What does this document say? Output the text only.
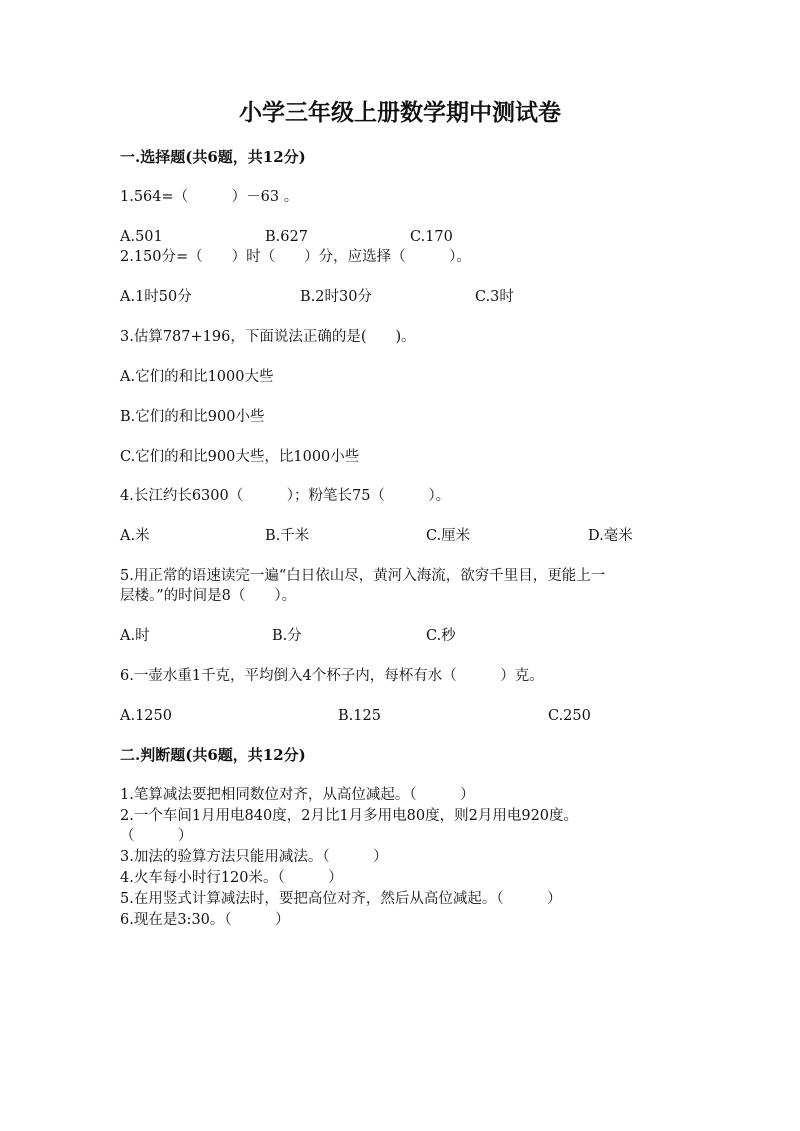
小学三年级上册数学期中测试卷
一.选择题(共6题，共12分)
1.564=（　　　）－63 。
A.501	B.627	C.170
2.150分=（　　）时（　　）分，应选择（　　　）。
A.1时50分	B.2时30分	C.3时
3.估算787+196，下面说法正确的是(　　)。
A.它们的和比1000大些
B.它们的和比900小些
C.它们的和比900大些，比1000小些
4.长江约长6300（　　　）；粉笔长75（　　　）。
A.米	B.千米	C.厘米	D.毫米
5.用正常的语速读完一遍“白日依山尽，黄河入海流，欲穷千里目，更能上一
层楼。”的时间是8（　　）。
A.时	B.分	C.秒
6.一壶水重1千克，平均倒入4个杯子内，每杯有水（　　　）克。
A.1250	B.125	C.250
二.判断题(共6题，共12分)
1.笔算减法要把相同数位对齐，从高位减起。（　　　）
2.一个车间1月用电840度，2月比1月多用电80度，则2月用电920度。
（　　　）
3.加法的验算方法只能用减法。（　　　）
4.火车每小时行120米。（　　　）
5.在用竖式计算减法时，要把高位对齐，然后从高位减起。（　　　）
6.现在是3:30。（　　　）
